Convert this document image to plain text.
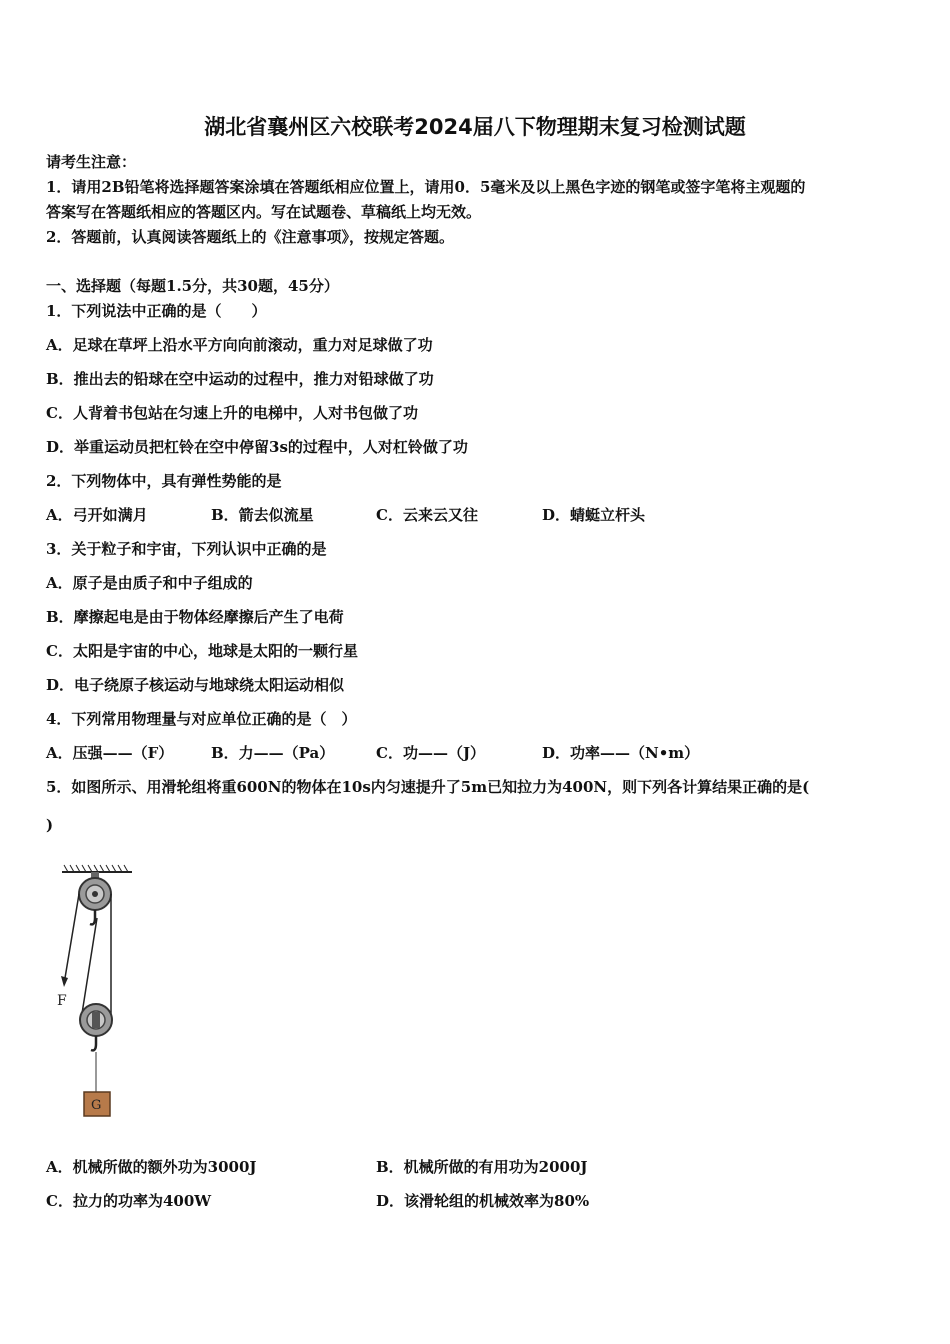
湖北省襄州区六校联考2024届八下物理期末复习检测试题
请考生注意：
1．请用2B铅笔将选择题答案涂填在答题纸相应位置上，请用0．5毫米及以上黑色字迹的钢笔或签字笔将主观题的
答案写在答题纸相应的答题区内。写在试题卷、草稿纸上均无效。
2．答题前，认真阅读答题纸上的《注意事项》，按规定答题。
一、选择题（每题1.5分，共30题，45分）
1．下列说法中正确的是（　　）
A．足球在草坪上沿水平方向向前滚动，重力对足球做了功
B．推出去的铅球在空中运动的过程中，推力对铅球做了功
C．人背着书包站在匀速上升的电梯中，人对书包做了功
D．举重运动员把杠铃在空中停留3s的过程中，人对杠铃做了功
2．下列物体中，具有弹性势能的是
A．弓开如满月	B．箭去似流星	C．云来云又往	D．蜻蜓立杆头
3．关于粒子和宇宙，下列认识中正确的是
A．原子是由质子和中子组成的
B．摩擦起电是由于物体经摩擦后产生了电荷
C．太阳是宇宙的中心，地球是太阳的一颗行星
D．电子绕原子核运动与地球绕太阳运动相似
4．下列常用物理量与对应单位正确的是（　）
A．压强——（F）	B．力——（Pa）	C．功——（J）	D．功率——（N•m）
5．如图所示、用滑轮组将重600N的物体在10s内匀速提升了5m已知拉力为400N，则下列各计算结果正确的是(
)
F
G
A．机械所做的额外功为3000J	B．机械所做的有用功为2000J
C．拉力的功率为400W	D．该滑轮组的机械效率为80%
